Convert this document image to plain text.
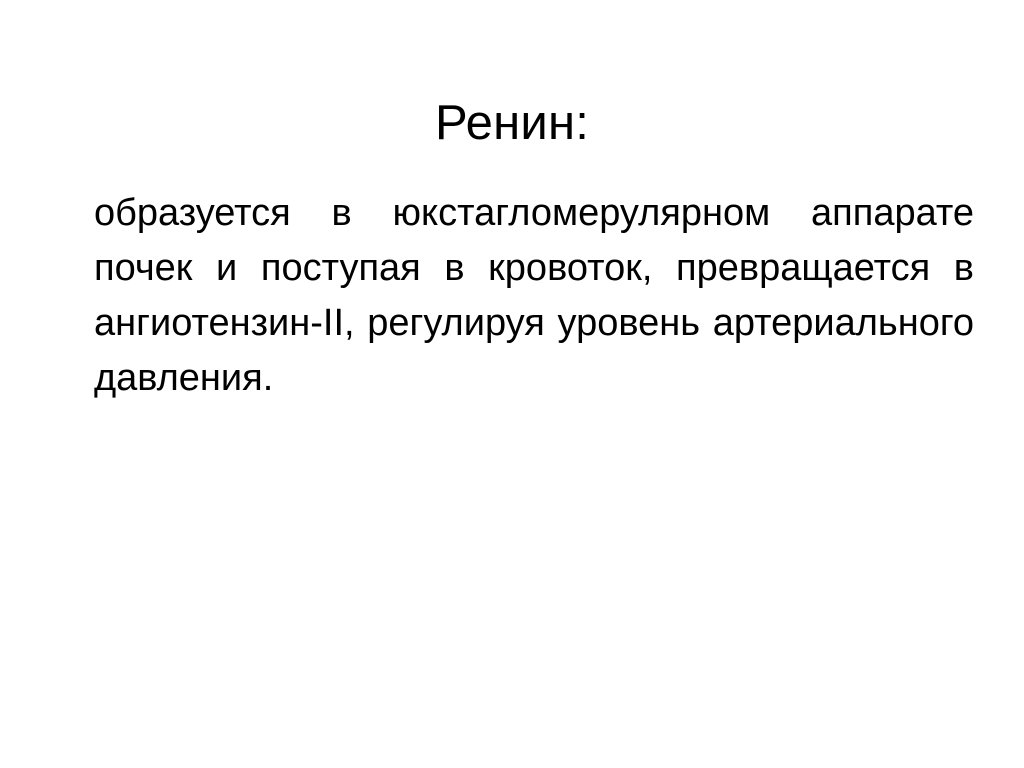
Ренин:

образуется в юкстагломерулярном аппарате почек и поступая в кровоток, превращается в ангиотензин-II, регулируя уровень артериального давления.
